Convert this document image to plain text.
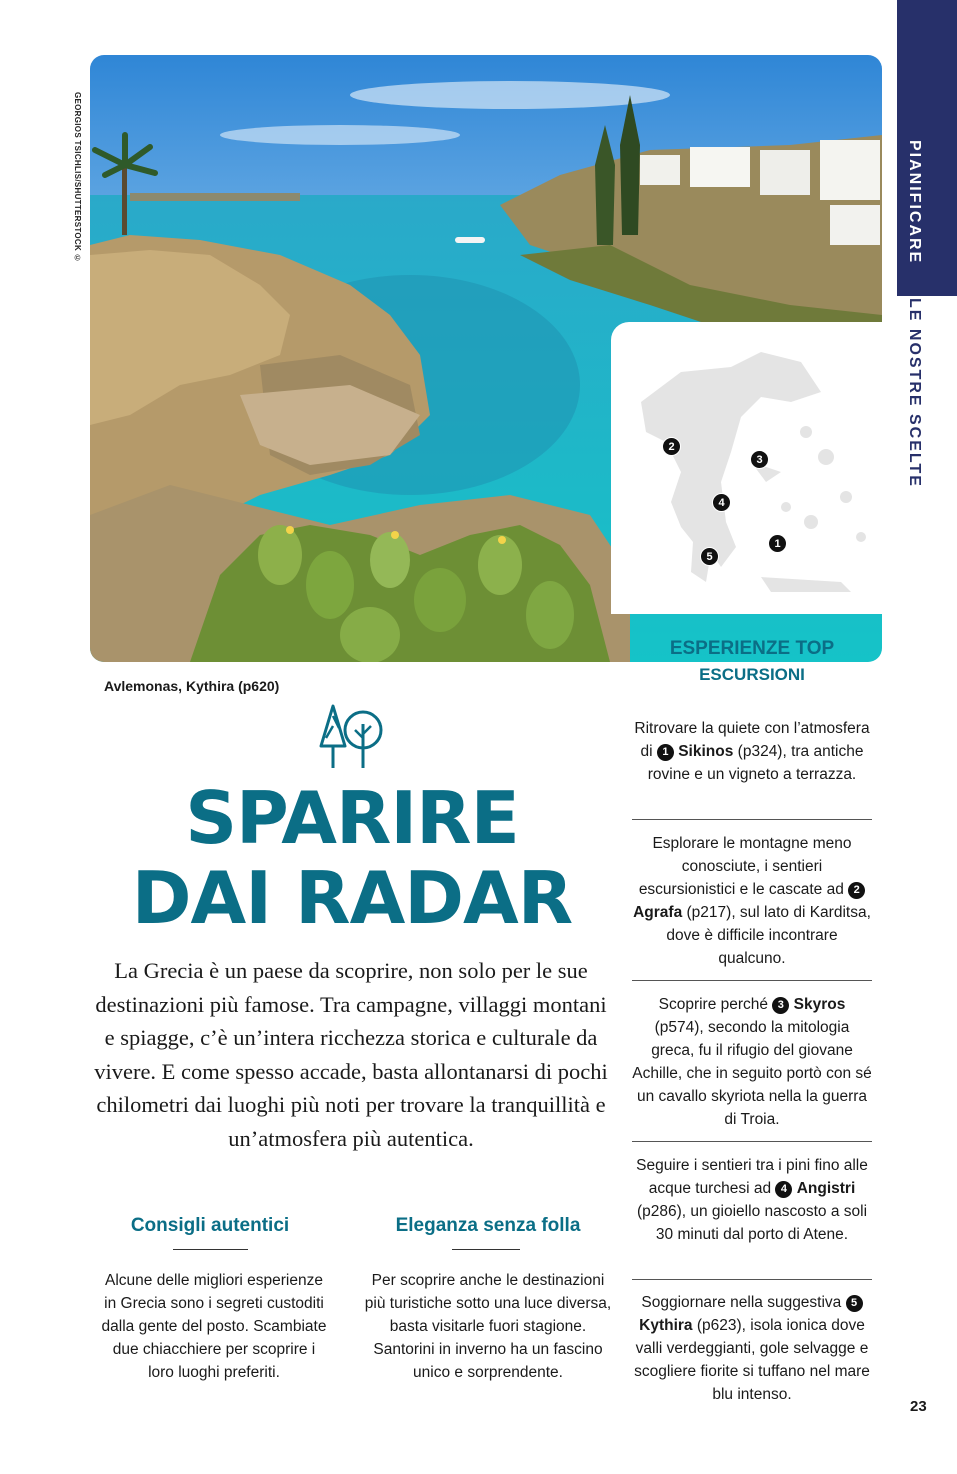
GEORGIOS TSICHLIS/SHUTTERSTOCK ©
1
2
3
4
5
Avlemonas, Kythira (p620)
SPARIRE
DAI RADAR
La Grecia è un paese da scoprire, non solo per le sue destinazioni più famose. Tra campagne, villaggi montani e spiagge, c’è un’intera ricchezza storica e culturale da vivere. E come spesso accade, basta allontanarsi di pochi chilometri dai luoghi più noti per trovare la tranquillità e un’atmosfera più autentica.
Consigli autentici
Alcune delle migliori esperienze in Grecia sono i segreti custoditi dalla gente del posto. Scambiate due chiacchiere per scoprire i loro luoghi preferiti.
Eleganza senza folla
Per scoprire anche le destinazioni più turistiche sotto una luce diversa, basta visitarle fuori stagione. Santorini in inverno ha un fascino unico e sorprendente.
PIANIFICARE
LE NOSTRE SCELTE
ESPERIENZE TOP
ESCURSIONI
Ritrovare la quiete con l’atmosfera di 1 Sikinos (p324), tra antiche rovine e un vigneto a terrazza.
Esplorare le montagne meno conosciute, i sentieri escursionistici e le cascate ad 2 Agrafa (p217), sul lato di Karditsa, dove è difficile incontrare qualcuno.
Scoprire perché 3 Skyros (p574), secondo la mitologia greca, fu il rifugio del giovane Achille, che in seguito portò con sé un cavallo skyriota nella la guerra di Troia.
Seguire i sentieri tra i pini fino alle acque turchesi ad 4 Angistri (p286), un gioiello nascosto a soli 30 minuti dal porto di Atene.
Soggiornare nella suggestiva 5 Kythira (p623), isola ionica dove valli verdeggianti, gole selvagge e scogliere fiorite si tuffano nel mare blu intenso.
23
